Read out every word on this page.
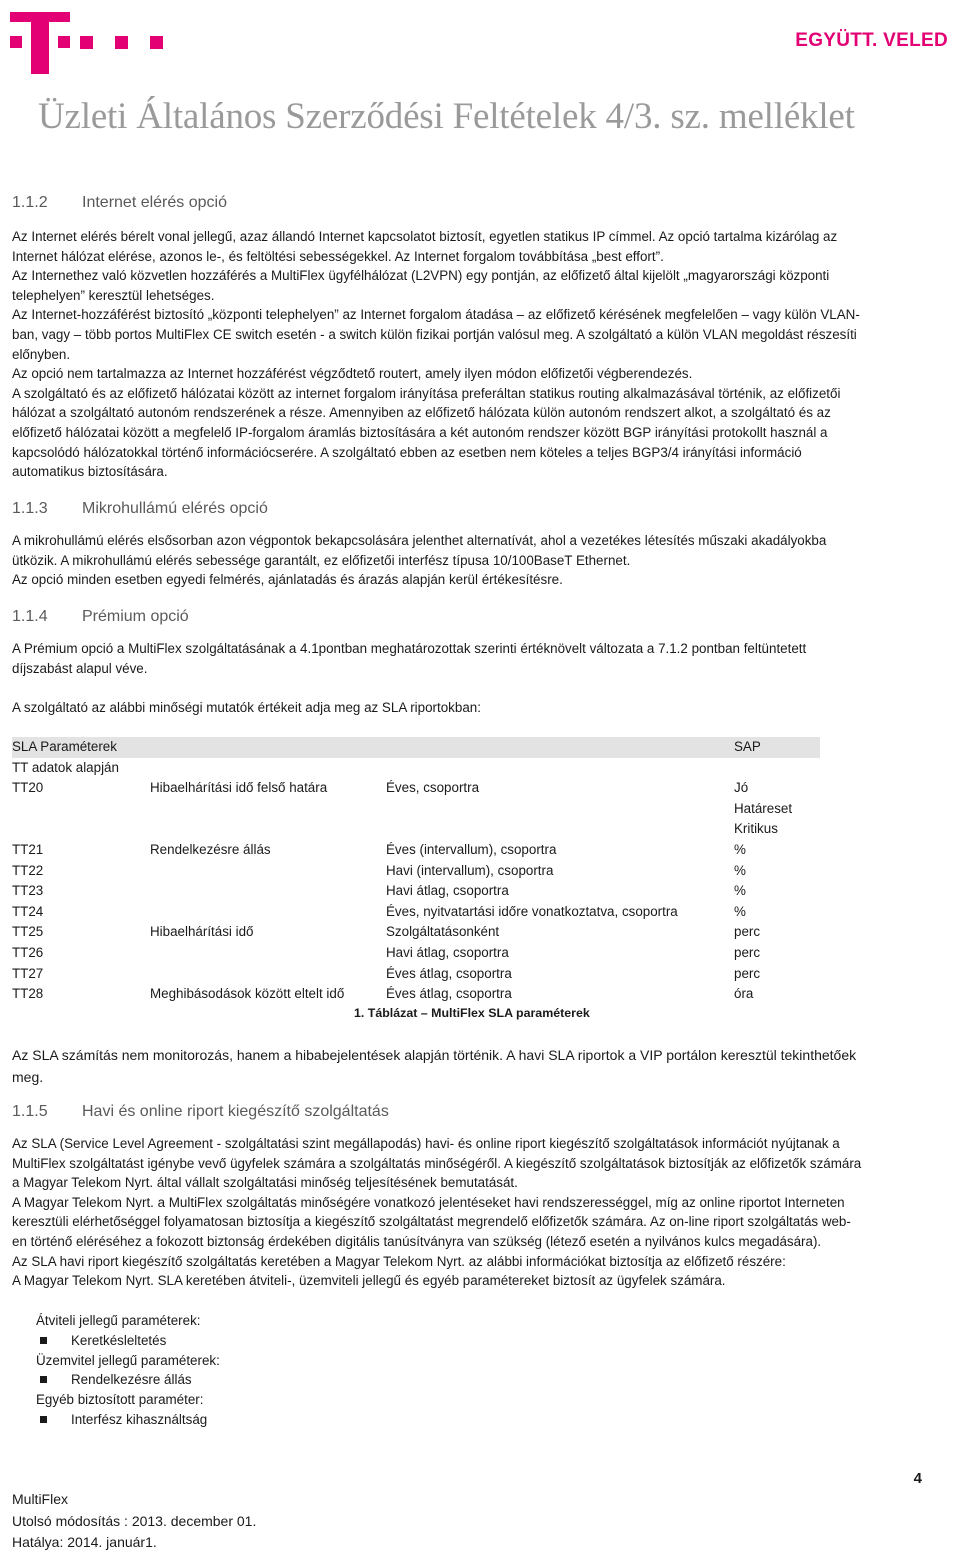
EGYÜTT. VELED
Üzleti Általános Szerződési Feltételek 4/3. sz. melléklet
1.1.2 Internet elérés opció

Az Internet elérés bérelt vonal jellegű, azaz állandó Internet kapcsolatot biztosít, egyetlen statikus IP címmel. Az opció tartalma kizárólag az

Internet hálózat elérése, azonos le-, és feltöltési sebességekkel. Az Internet forgalom továbbítása „best effort”.

Az Internethez való közvetlen hozzáférés a MultiFlex ügyfélhálózat (L2VPN) egy pontján, az előfizető által kijelölt „magyarországi központi

telephelyen” keresztül lehetséges.

Az Internet-hozzáférést biztosító „központi telephelyen” az Internet forgalom átadása – az előfizető kérésének megfelelően – vagy külön VLAN-

ban, vagy – több portos MultiFlex CE switch esetén - a switch külön fizikai portján valósul meg. A szolgáltató a külön VLAN megoldást részesíti

előnyben.

Az opció nem tartalmazza az Internet hozzáférést végződtető routert, amely ilyen módon előfizetői végberendezés.

A szolgáltató és az előfizető hálózatai között az internet forgalom irányítása preferáltan statikus routing alkalmazásával történik, az előfizetői

hálózat a szolgáltató autonóm rendszerének a része. Amennyiben az előfizető hálózata külön autonóm rendszert alkot, a szolgáltató és az

előfizető hálózatai között a megfelelő IP-forgalom áramlás biztosítására a két autonóm rendszer között BGP irányítási protokollt használ a

kapcsolódó hálózatokkal történő információcserére. A szolgáltató ebben az esetben nem köteles a teljes BGP3/4 irányítási információ

automatikus biztosítására.

1.1.3 Mikrohullámú elérés opció

A mikrohullámú elérés elsősorban azon végpontok bekapcsolására jelenthet alternatívát, ahol a vezetékes létesítés műszaki akadályokba

ütközik. A mikrohullámú elérés sebessége garantált, ez előfizetői interfész típusa 10/100BaseT Ethernet.

Az opció minden esetben egyedi felmérés, ajánlatadás és árazás alapján kerül értékesítésre.

1.1.4 Prémium opció

A Prémium opció a MultiFlex szolgáltatásának a 4.1pontban meghatározottak szerinti értéknövelt változata a 7.1.2 pontban feltüntetett

díjszabást alapul véve.

A szolgáltató az alábbi minőségi mutatók értékeit adja meg az SLA riportokban:
SLA Paraméterek			SAP
TT adatok alapján			
TT20	Hibaelhárítási idő felső határa	Éves, csoportra	Jó
Határeset
Kritikus

TT21	Rendelkezésre állás	Éves (intervallum), csoportra	%
TT22		Havi (intervallum), csoportra	%
TT23		Havi átlag, csoportra	%
TT24		Éves, nyitvatartási időre vonatkoztatva, csoportra	%
TT25	Hibaelhárítási idő	Szolgáltatásonként	perc
TT26		Havi átlag, csoportra	perc
TT27		Éves átlag, csoportra	perc
TT28	Meghibásodások között eltelt idő	Éves átlag, csoportra	óra
1. Táblázat – MultiFlex SLA paraméterek

Az SLA számítás nem monitorozás, hanem a hibabejelentések alapján történik. A havi SLA riportok a VIP portálon keresztül tekinthetőek

meg.

1.1.5 Havi és online riport kiegészítő szolgáltatás

Az SLA (Service Level Agreement - szolgáltatási szint megállapodás) havi- és online riport kiegészítő szolgáltatások információt nyújtanak a

MultiFlex szolgáltatást igénybe vevő ügyfelek számára a szolgáltatás minőségéről. A kiegészítő szolgáltatások biztosítják az előfizetők számára

a Magyar Telekom Nyrt. által vállalt szolgáltatási minőség teljesítésének bemutatását.

A Magyar Telekom Nyrt. a MultiFlex szolgáltatás minőségére vonatkozó jelentéseket havi rendszerességgel, míg az online riportot Interneten

keresztüli elérhetőséggel folyamatosan biztosítja a kiegészítő szolgáltatást megrendelő előfizetők számára. Az on-line riport szolgáltatás web-

en történő eléréséhez a fokozott biztonság érdekében digitális tanúsítványra van szükség (létező esetén a nyilvános kulcs megadására).

Az SLA havi riport kiegészítő szolgáltatás keretében a Magyar Telekom Nyrt. az alábbi információkat biztosítja az előfizető részére:

A Magyar Telekom Nyrt. SLA keretében átviteli-, üzemviteli jellegű és egyéb paramétereket biztosít az ügyfelek számára.

Átviteli jellegű paraméterek:
Keretkésleltetés
Üzemvitel jellegű paraméterek:
Rendelkezésre állás
Egyéb biztosított paraméter:
Interfész kihasználtság
MultiFlex
Utolsó módosítás : 2013. december 01.
Hatálya: 2014. január1.
4
